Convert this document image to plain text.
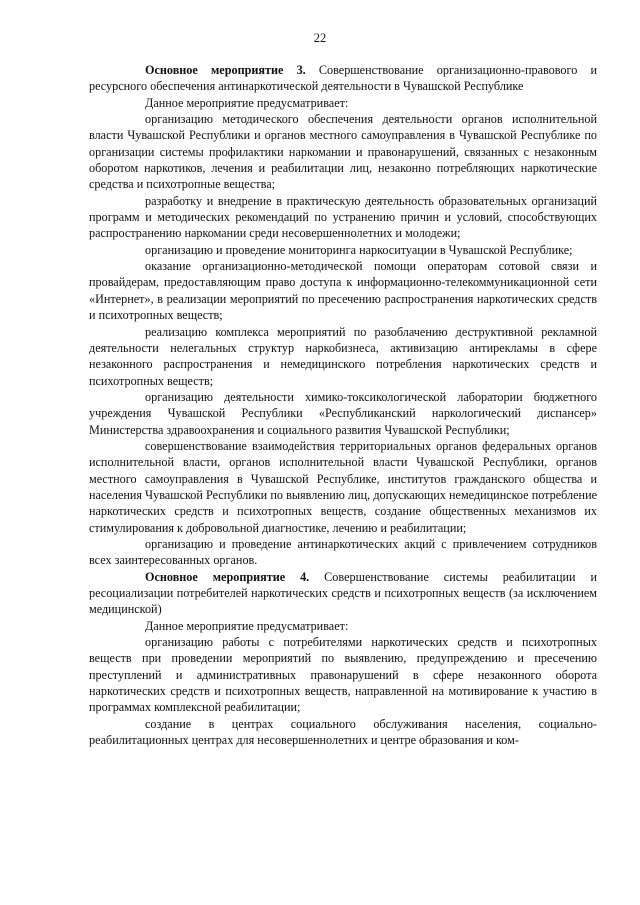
22

Основное мероприятие 3. Совершенствование организационно-правового и ресурсного обеспечения антинаркотической деятельности в Чувашской Республике

Данное мероприятие предусматривает:

организацию методического обеспечения деятельности органов исполнительной власти Чувашской Республики и органов местного самоуправления в Чувашской Республике по организации системы профилактики наркомании и правонарушений, связанных с незаконным оборотом наркотиков, лечения и реабилитации лиц, незаконно потребляющих наркотические средства и психотропные вещества;

разработку и внедрение в практическую деятельность образовательных организаций программ и методических рекомендаций по устранению причин и условий, способствующих распространению наркомании среди несовершеннолетних и молодежи;

организацию и проведение мониторинга наркоситуации в Чувашской Республике;

оказание организационно-методической помощи операторам сотовой связи и провайдерам, предоставляющим право доступа к информационно-телекоммуникационной сети «Интернет», в реализации мероприятий по пресечению распространения наркотических средств и психотропных веществ;

реализацию комплекса мероприятий по разоблачению деструктивной рекламной деятельности нелегальных структур наркобизнеса, активизацию антирекламы в сфере незаконного распространения и немедицинского потребления наркотических средств и психотропных веществ;

организацию деятельности химико-токсикологической лаборатории бюджетного учреждения Чувашской Республики «Республиканский наркологический диспансер» Министерства здравоохранения и социального развития Чувашской Республики;

совершенствование взаимодействия территориальных органов федеральных органов исполнительной власти, органов исполнительной власти Чувашской Республики, органов местного самоуправления в Чувашской Республике, институтов гражданского общества и населения Чувашской Республики по выявлению лиц, допускающих немедицинское потребление наркотических средств и психотропных веществ, создание общественных механизмов их стимулирования к добровольной диагностике, лечению и реабилитации;

организацию и проведение антинаркотических акций с привлечением сотрудников всех заинтересованных органов.

Основное мероприятие 4. Совершенствование системы реабилитации и ресоциализации потребителей наркотических средств и психотропных веществ (за исключением медицинской)

Данное мероприятие предусматривает:

организацию работы с потребителями наркотических средств и психотропных веществ при проведении мероприятий по выявлению, предупреждению и пресечению преступлений и административных правонарушений в сфере незаконного оборота наркотических средств и психотропных веществ, направленной на мотивирование к участию в программах комплексной реабилитации;

создание в центрах социального обслуживания населения, социально-реабилитационных центрах для несовершеннолетних и центре образования и ком-
